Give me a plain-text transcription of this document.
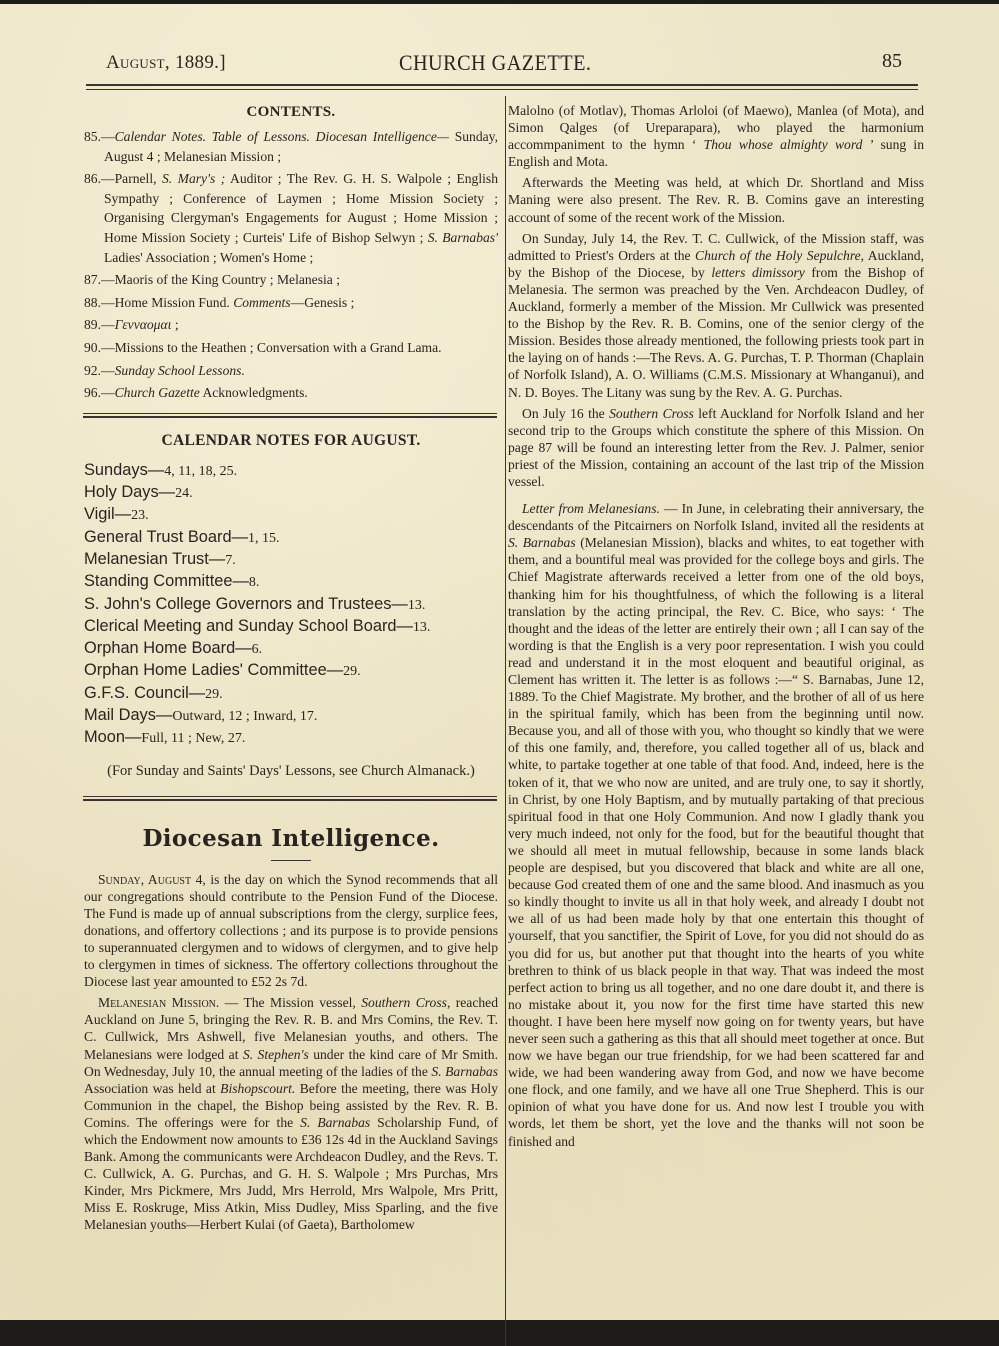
August, 1889.]	CHURCH GAZETTE.	85
CONTENTS.
85.—Calendar Notes. Table of Lessons. Diocesan Intelligence— Sunday, August 4 ; Melanesian Mission ;
86.—Parnell, S. Mary's ; Auditor ; The Rev. G. H. S. Walpole ; English Sympathy ; Conference of Laymen ; Home Mission Society ; Organising Clergyman's Engagements for August ; Home Mission ; Home Mission Society ; Curteis' Life of Bishop Selwyn ; S. Barnabas' Ladies' Association ; Women's Home ;
87.—Maoris of the King Country ; Melanesia ;
88.—Home Mission Fund. Comments—Genesis ;
89.—Γενναομαι ;
90.—Missions to the Heathen ; Conversation with a Grand Lama.
92.—Sunday School Lessons.
96.—Church Gazette Acknowledgments.
CALENDAR NOTES FOR AUGUST.
Sundays—4, 11, 18, 25.
Holy Days—24.
Vigil—23.
General Trust Board—1, 15.
Melanesian Trust—7.
Standing Committee—8.
S. John's College Governors and Trustees—13.
Clerical Meeting and Sunday School Board—13.
Orphan Home Board—6.
Orphan Home Ladies' Committee—29.
G.F.S. Council—29.
Mail Days—Outward, 12 ; Inward, 17.
Moon—Full, 11 ; New, 27.

(For Sunday and Saints' Days' Lessons, see Church Almanack.)

Diocesan Intelligence.

Sunday, August 4, is the day on which the Synod recommends that all our congregations should contribute to the Pension Fund of the Diocese. The Fund is made up of annual subscriptions from the clergy, surplice fees, donations, and offertory collections ; and its purpose is to provide pensions to superannuated clergymen and to widows of clergymen, and to give help to clergymen in times of sickness. The offertory collections throughout the Diocese last year amounted to £52 2s 7d.

Melanesian Mission. — The Mission vessel, Southern Cross, reached Auckland on June 5, bringing the Rev. R. B. and Mrs Comins, the Rev. T. C. Cullwick, Mrs Ashwell, five Melanesian youths, and others. The Melanesians were lodged at S. Stephen's under the kind care of Mr Smith. On Wednesday, July 10, the annual meeting of the ladies of the S. Barnabas Association was held at Bishopscourt. Before the meeting, there was Holy Communion in the chapel, the Bishop being assisted by the Rev. R. B. Comins. The offerings were for the S. Barnabas Scholarship Fund, of which the Endowment now amounts to £36 12s 4d in the Auckland Savings Bank. Among the communicants were Archdeacon Dudley, and the Revs. T. C. Cullwick, A. G. Purchas, and G. H. S. Walpole ; Mrs Purchas, Mrs Kinder, Mrs Pickmere, Mrs Judd, Mrs Herrold, Mrs Walpole, Mrs Pritt, Miss E. Roskruge, Miss Atkin, Miss Dudley, Miss Sparling, and the five Melanesian youths—Herbert Kulai (of Gaeta), Bartholomew

Malolno (of Motlav), Thomas Arloloi (of Maewo), Manlea (of Mota), and Simon Qalges (of Ureparapara), who played the harmonium accommpaniment to the hymn ‘ Thou whose almighty word ’ sung in English and Mota.

Afterwards the Meeting was held, at which Dr. Shortland and Miss Maning were also present. The Rev. R. B. Comins gave an interesting account of some of the recent work of the Mission.

On Sunday, July 14, the Rev. T. C. Cullwick, of the Mission staff, was admitted to Priest's Orders at the Church of the Holy Sepulchre, Auckland, by the Bishop of the Diocese, by letters dimissory from the Bishop of Melanesia. The sermon was preached by the Ven. Archdeacon Dudley, of Auckland, formerly a member of the Mission. Mr Cullwick was presented to the Bishop by the Rev. R. B. Comins, one of the senior clergy of the Mission. Besides those already mentioned, the following priests took part in the laying on of hands :—The Revs. A. G. Purchas, T. P. Thorman (Chaplain of Norfolk Island), A. O. Williams (C.M.S. Missionary at Whanganui), and N. D. Boyes. The Litany was sung by the Rev. A. G. Purchas.

On July 16 the Southern Cross left Auckland for Norfolk Island and her second trip to the Groups which constitute the sphere of this Mission. On page 87 will be found an interesting letter from the Rev. J. Palmer, senior priest of the Mission, containing an account of the last trip of the Mission vessel.

Letter from Melanesians. — In June, in celebrating their anniversary, the descendants of the Pitcairners on Norfolk Island, invited all the residents at S. Barnabas (Melanesian Mission), blacks and whites, to eat together with them, and a bountiful meal was provided for the college boys and girls. The Chief Magistrate afterwards received a letter from one of the old boys, thanking him for his thoughtfulness, of which the following is a literal translation by the acting principal, the Rev. C. Bice, who says: ‘ The thought and the ideas of the letter are entirely their own ; all I can say of the wording is that the English is a very poor representation. I wish you could read and understand it in the most eloquent and beautiful original, as Clement has written it. The letter is as follows :—“ S. Barnabas, June 12, 1889. To the Chief Magistrate. My brother, and the brother of all of us here in the spiritual family, which has been from the beginning until now. Because you, and all of those with you, who thought so kindly that we were of this one family, and, therefore, you called together all of us, black and white, to partake together at one table of that food. And, indeed, here is the token of it, that we who now are united, and are truly one, to say it shortly, in Christ, by one Holy Baptism, and by mutually partaking of that precious spiritual food in that one Holy Communion. And now I gladly thank you very much indeed, not only for the food, but for the beautiful thought that we should all meet in mutual fellowship, because in some lands black people are despised, but you discovered that black and white are all one, because God created them of one and the same blood. And inasmuch as you so kindly thought to invite us all in that holy week, and already I doubt not we all of us had been made holy by that one entertain this thought of yourself, that you sanctifier, the Spirit of Love, for you did not should do as you did for us, but another put that thought into the hearts of you white brethren to think of us black people in that way. That was indeed the most perfect action to bring us all together, and no one dare doubt it, and there is no mistake about it, you now for the first time have started this new thought. I have been here myself now going on for twenty years, but have never seen such a gathering as this that all should meet together at once. But now we have began our true friendship, for we had been scattered far and wide, we had been wandering away from God, and now we have become one flock, and one family, and we have all one True Shepherd. This is our opinion of what you have done for us. And now lest I trouble you with words, let them be short, yet the love and the thanks will not soon be finished and
